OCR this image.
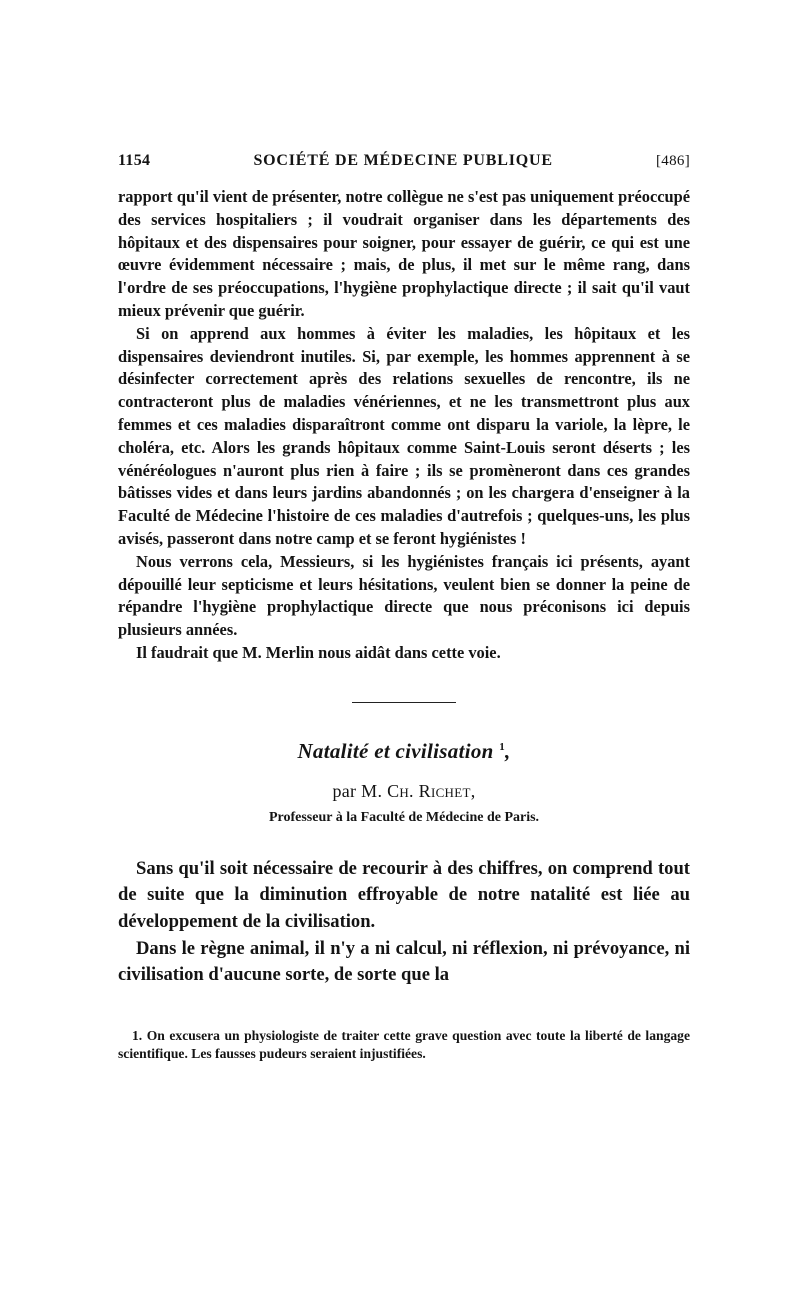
1154	SOCIÉTÉ DE MÉDECINE PUBLIQUE	[486]

rapport qu'il vient de présenter, notre collègue ne s'est pas uniquement préoccupé des services hospitaliers ; il voudrait organiser dans les départements des hôpitaux et des dispensaires pour soigner, pour essayer de guérir, ce qui est une œuvre évidemment nécessaire ; mais, de plus, il met sur le même rang, dans l'ordre de ses préoccupations, l'hygiène prophylactique directe ; il sait qu'il vaut mieux prévenir que guérir.

Si on apprend aux hommes à éviter les maladies, les hôpitaux et les dispensaires deviendront inutiles. Si, par exemple, les hommes apprennent à se désinfecter correctement après des relations sexuelles de rencontre, ils ne contracteront plus de maladies vénériennes, et ne les transmettront plus aux femmes et ces maladies disparaîtront comme ont disparu la variole, la lèpre, le choléra, etc. Alors les grands hôpitaux comme Saint-Louis seront déserts ; les vénéréologues n'auront plus rien à faire ; ils se promèneront dans ces grandes bâtisses vides et dans leurs jardins abandonnés ; on les chargera d'enseigner à la Faculté de Médecine l'histoire de ces maladies d'autrefois ; quelques-uns, les plus avisés, passeront dans notre camp et se feront hygiénistes !

Nous verrons cela, Messieurs, si les hygiénistes français ici présents, ayant dépouillé leur septicisme et leurs hésitations, veulent bien se donner la peine de répandre l'hygiène prophylactique directe que nous préconisons ici depuis plusieurs années.

Il faudrait que M. Merlin nous aidât dans cette voie.

Natalité et civilisation $^1$,
par M. Ch. Richet,
Professeur à la Faculté de Médecine de Paris.

Sans qu'il soit nécessaire de recourir à des chiffres, on comprend tout de suite que la diminution effroyable de notre natalité est liée au développement de la civilisation.

Dans le règne animal, il n'y a ni calcul, ni réflexion, ni prévoyance, ni civilisation d'aucune sorte, de sorte que la

1. On excusera un physiologiste de traiter cette grave question avec toute la liberté de langage scientifique. Les fausses pudeurs seraient injustifiées.
